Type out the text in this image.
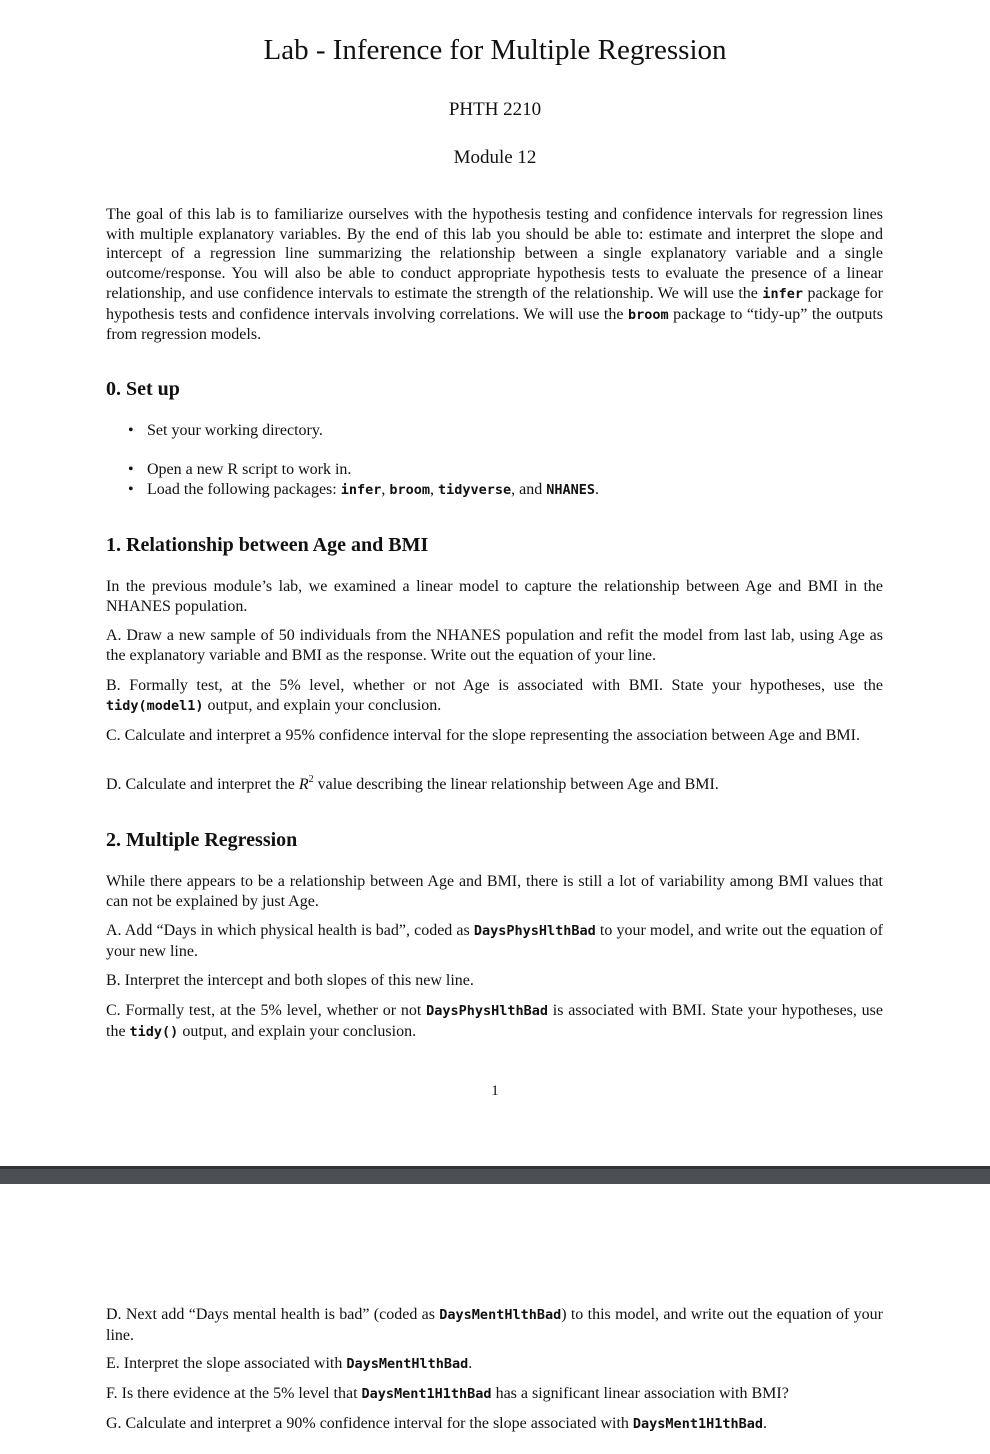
Lab - Inference for Multiple Regression
PHTH 2210
Module 12

The goal of this lab is to familiarize ourselves with the hypothesis testing and confidence intervals for regression lines with multiple explanatory variables. By the end of this lab you should be able to: estimate and interpret the slope and intercept of a regression line summarizing the relationship between a single explanatory variable and a single outcome/response. You will also be able to conduct appropriate hypothesis tests to evaluate the presence of a linear relationship, and use confidence intervals to estimate the strength of the relationship. We will use the infer package for hypothesis tests and confidence intervals involving correlations. We will use the broom package to “tidy-up” the outputs from regression models.

0. Set up
• Set your working directory.
• Open a new R script to work in.
• Load the following packages: infer, broom, tidyverse, and NHANES.
1. Relationship between Age and BMI

In the previous module’s lab, we examined a linear model to capture the relationship between Age and BMI in the NHANES population.

A. Draw a new sample of 50 individuals from the NHANES population and refit the model from last lab, using Age as the explanatory variable and BMI as the response. Write out the equation of your line.

B. Formally test, at the 5% level, whether or not Age is associated with BMI. State your hypotheses, use the tidy(model1) output, and explain your conclusion.

C. Calculate and interpret a 95% confidence interval for the slope representing the association between Age and BMI.

D. Calculate and interpret the $R^2$ value describing the linear relationship between Age and BMI.

2. Multiple Regression

While there appears to be a relationship between Age and BMI, there is still a lot of variability among BMI values that can not be explained by just Age.

A. Add “Days in which physical health is bad”, coded as DaysPhysHlthBad to your model, and write out the equation of your new line.

B. Interpret the intercept and both slopes of this new line.

C. Formally test, at the 5% level, whether or not DaysPhysHlthBad is associated with BMI. State your hypotheses, use the tidy() output, and explain your conclusion.

1

D. Next add “Days mental health is bad” (coded as DaysMentHlthBad) to this model, and write out the equation of your line.

E. Interpret the slope associated with DaysMentHlthBad.

F. Is there evidence at the 5% level that DaysMent1H1thBad has a significant linear association with BMI?

G. Calculate and interpret a 90% confidence interval for the slope associated with DaysMent1H1thBad.
